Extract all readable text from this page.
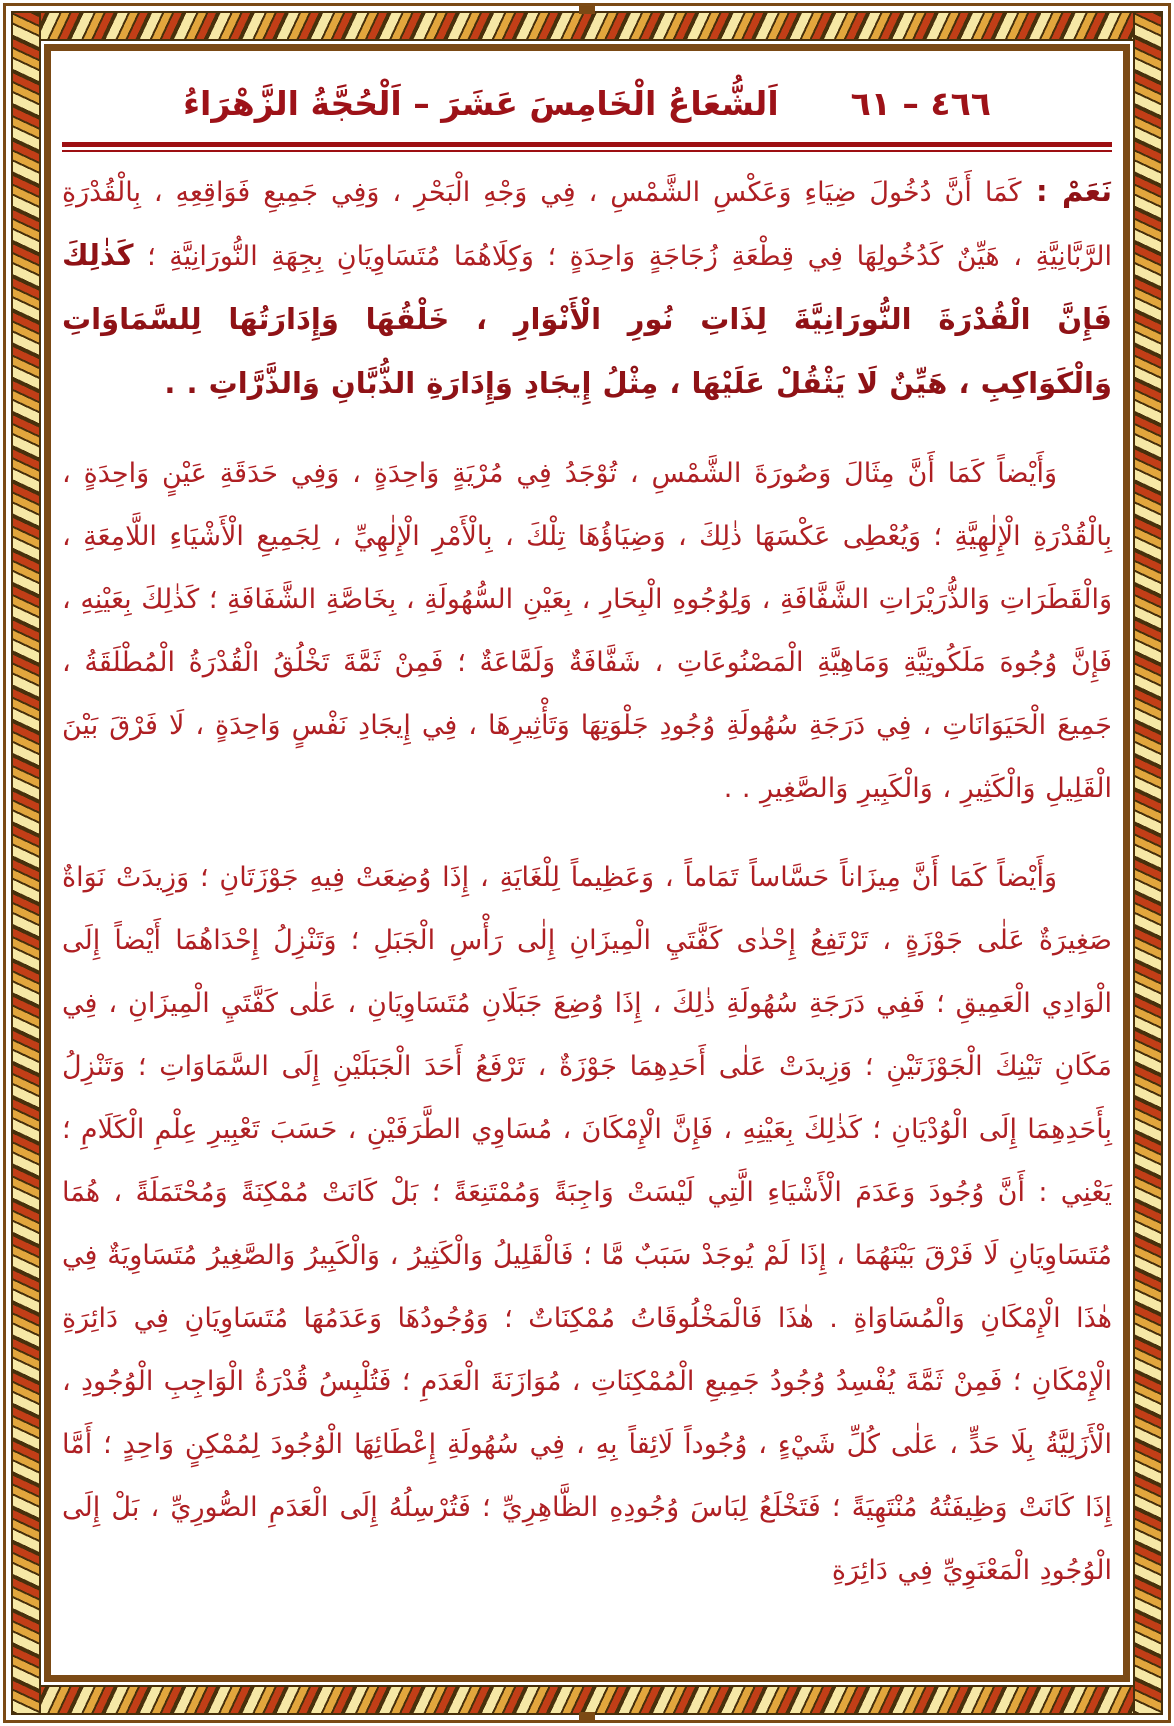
٤٦٦ – ٦١
اَلشُّعَاعُ الْخَامِسَ عَشَرَ – اَلْحُجَّةُ الزَّهْرَاءُ

نَعَمْ : كَمَا أَنَّ دُخُولَ ضِيَاءِ وَعَكْسِ الشَّمْسِ ، فِي وَجْهِ الْبَحْرِ ، وَفِي جَمِيعِ فَوَاقِعِهِ ، بِالْقُدْرَةِ الرَّبَّانِيَّةِ ، هَيِّنٌ كَدُخُولِهَا فِي قِطْعَةِ زُجَاجَةٍ وَاحِدَةٍ ؛ وَكِلَاهُمَا مُتَسَاوِيَانِ بِجِهَةِ النُّورَانِيَّةِ ؛ كَذٰلِكَ فَإِنَّ الْقُدْرَةَ النُّورَانِيَّةَ لِذَاتِ نُورِ الْأَنْوَارِ ، خَلْقُهَا وَإِدَارَتُهَا لِلسَّمَاوَاتِ وَالْكَوَاكِبِ ، هَيِّنٌ لَا يَثْقُلْ عَلَيْهَا ، مِثْلُ إِيجَادِ وَإِدَارَةِ الذُّبَّانِ وَالذَّرَّاتِ . .

وَأَيْضاً كَمَا أَنَّ مِثَالَ وَصُورَةَ الشَّمْسِ ، تُوْجَدُ فِي مُرْيَةٍ وَاحِدَةٍ ، وَفِي حَدَقَةِ عَيْنٍ وَاحِدَةٍ ، بِالْقُدْرَةِ الْإِلٰهِيَّةِ ؛ وَيُعْطِى عَكْسَهَا ذٰلِكَ ، وَضِيَاؤُهَا تِلْكَ ، بِالْأَمْرِ الْإِلٰهِيِّ ، لِجَمِيعِ الْأَشْيَاءِ اللَّامِعَةِ ، وَالْقَطَرَاتِ وَالذُّرَيْرَاتِ الشَّفَّافَةِ ، وَلِوُجُوهِ الْبِحَارِ ، بِعَيْنِ السُّهُولَةِ ، بِخَاصَّةِ الشَّفَافَةِ ؛ كَذٰلِكَ بِعَيْنِهِ ، فَإِنَّ وُجُوهَ مَلَكُوتِيَّةِ وَمَاهِيَّةِ الْمَصْنُوعَاتِ ، شَفَّافَةٌ وَلَمَّاعَةٌ ؛ فَمِنْ ثَمَّةَ تَخْلُقُ الْقُدْرَةُ الْمُطْلَقَةُ ، جَمِيعَ الْحَيَوَانَاتِ ، فِي دَرَجَةِ سُهُولَةِ وُجُودِ جَلْوَتِهَا وَتَأْثِيرِهَا ، فِي إِيجَادِ نَفْسٍ وَاحِدَةٍ ، لَا فَرْقَ بَيْنَ الْقَلِيلِ وَالْكَثِيرِ ، وَالْكَبِيرِ وَالصَّغِيرِ . .

وَأَيْضاً كَمَا أَنَّ مِيزَاناً حَسَّاساً تَمَاماً ، وَعَظِيماً لِلْغَايَةِ ، إِذَا وُضِعَتْ فِيهِ جَوْزَتَانِ ؛ وَزِيدَتْ نَوَاةٌ صَغِيرَةٌ عَلٰى جَوْزَةٍ ، تَرْتَفِعُ إِحْدٰى كَفَّتَيِ الْمِيزَانِ إِلٰى رَأْسِ الْجَبَلِ ؛ وَتَنْزِلُ إِحْدَاهُمَا أَيْضاً إِلَى الْوَادِي الْعَمِيقِ ؛ فَفِي دَرَجَةِ سُهُولَةِ ذٰلِكَ ، إِذَا وُضِعَ جَبَلَانِ مُتَسَاوِيَانِ ، عَلٰى كَفَّتَيِ الْمِيزَانِ ، فِي مَكَانِ تَيْنِكَ الْجَوْزَتَيْنِ ؛ وَزِيدَتْ عَلٰى أَحَدِهِمَا جَوْزَةٌ ، تَرْفَعُ أَحَدَ الْجَبَلَيْنِ إِلَى السَّمَاوَاتِ ؛ وَتَنْزِلُ بِأَحَدِهِمَا إِلَى الْوُدْيَانِ ؛ كَذٰلِكَ بِعَيْنِهِ ، فَإِنَّ الْإِمْكَانَ ، مُسَاوِي الطَّرَفَيْنِ ، حَسَبَ تَعْبِيرِ عِلْمِ الْكَلَامِ ؛ يَعْنِي : أَنَّ وُجُودَ وَعَدَمَ الْأَشْيَاءِ الَّتِي لَيْسَتْ وَاجِبَةً وَمُمْتَنِعَةً ؛ بَلْ كَانَتْ مُمْكِنَةً وَمُحْتَمَلَةً ، هُمَا مُتَسَاوِيَانِ لَا فَرْقَ بَيْنَهُمَا ، إِذَا لَمْ يُوجَدْ سَبَبٌ مَّا ؛ فَالْقَلِيلُ وَالْكَثِيرُ ، وَالْكَبِيرُ وَالصَّغِيرُ مُتَسَاوِيَةٌ فِي هٰذَا الْإِمْكَانِ وَالْمُسَاوَاةِ . هٰذَا فَالْمَخْلُوقَاتُ مُمْكِنَاتٌ ؛ وَوُجُودُهَا وَعَدَمُهَا مُتَسَاوِيَانِ فِي دَائِرَةِ الْإِمْكَانِ ؛ فَمِنْ ثَمَّةَ يُفْسِدُ وُجُودُ جَمِيعِ الْمُمْكِنَاتِ ، مُوَازَنَةَ الْعَدَمِ ؛ فَتُلْبِسُ قُدْرَةُ الْوَاجِبِ الْوُجُودِ ، الْأَزَلِيَّةُ بِلَا حَدٍّ ، عَلٰى كُلِّ شَيْءٍ ، وُجُوداً لَائِقاً بِهِ ، فِي سُهُولَةِ إِعْطَائِهَا الْوُجُودَ لِمُمْكِنٍ وَاحِدٍ ؛ أَمَّا إِذَا كَانَتْ وَظِيفَتُهُ مُنْتَهِيَةً ؛ فَتَخْلَعُ لِبَاسَ وُجُودِهِ الظَّاهِرِيِّ ؛ فَتُرْسِلُهُ إِلَى الْعَدَمِ الصُّورِيِّ ، بَلْ إِلَى الْوُجُودِ الْمَعْنَوِيِّ فِي دَائِرَةِ
